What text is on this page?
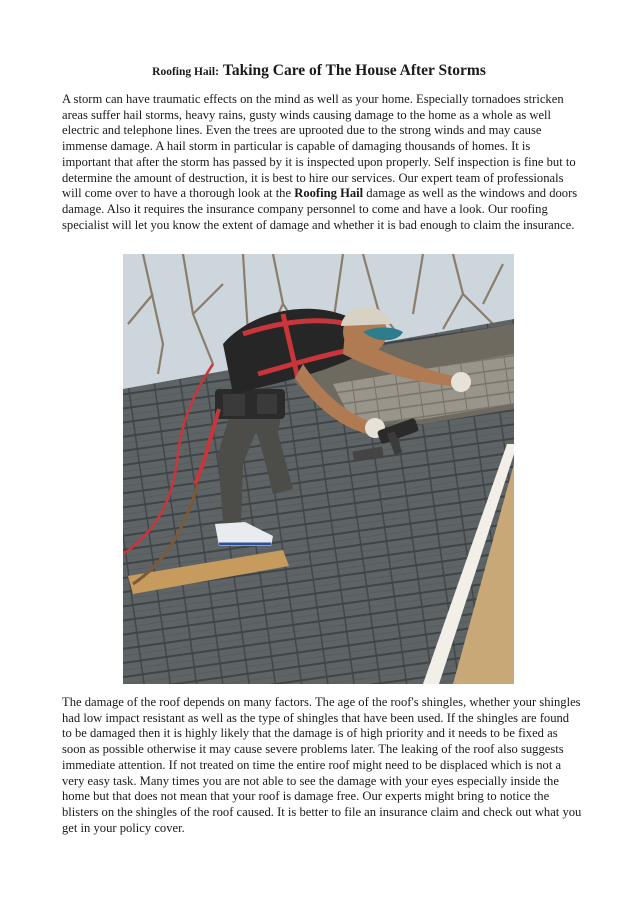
Roofing Hail: Taking Care of The House After Storms

A storm can have traumatic effects on the mind as well as your home. Especially tornadoes stricken areas suffer hail storms, heavy rains, gusty winds causing damage to the home as a whole as well electric and telephone lines. Even the trees are uprooted due to the strong winds and may cause immense damage. A hail storm in particular is capable of damaging thousands of homes. It is important that after the storm has passed by it is inspected upon properly. Self inspection is fine but to determine the amount of destruction, it is best to hire our services. Our expert team of professionals will come over to have a thorough look at the Roofing Hail damage as well as the windows and doors damage. Also it requires the insurance company personnel to come and have a look. Our roofing specialist will let you know the extent of damage and whether it is bad enough to claim the insurance.

The damage of the roof depends on many factors. The age of the roof's shingles, whether your shingles had low impact resistant as well as the type of shingles that have been used. If the shingles are found to be damaged then it is highly likely that the damage is of high priority and it needs to be fixed as soon as possible otherwise it may cause severe problems later. The leaking of the roof also suggests immediate attention. If not treated on time the entire roof might need to be displaced which is not a very easy task. Many times you are not able to see the damage with your eyes especially inside the home but that does not mean that your roof is damage free. Our experts might bring to notice the blisters on the shingles of the roof caused. It is better to file an insurance claim and check out what you get in your policy cover.
